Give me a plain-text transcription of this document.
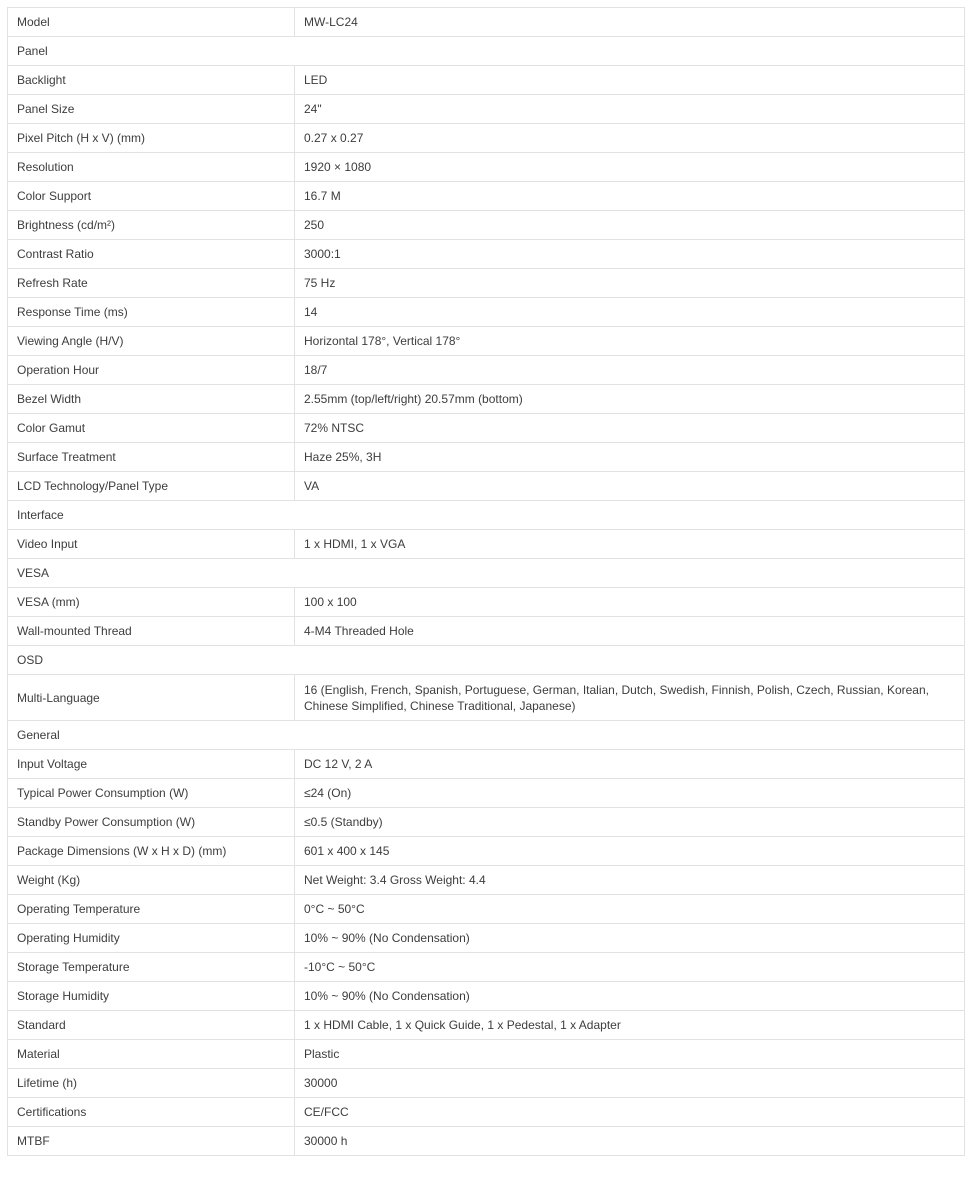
Model	MW-LC24
Panel	
Backlight	LED
Panel Size	24"
Pixel Pitch (H x V) (mm)	0.27 x 0.27
Resolution	1920 × 1080
Color Support	16.7 M
Brightness (cd/m²)	250
Contrast Ratio	3000:1
Refresh Rate	75 Hz
Response Time (ms)	14
Viewing Angle (H/V)	Horizontal 178°, Vertical 178°
Operation Hour	18/7
Bezel Width	2.55mm (top/left/right) 20.57mm (bottom)
Color Gamut	72% NTSC
Surface Treatment	Haze 25%, 3H
LCD Technology/Panel Type	VA
Interface	
Video Input	1 x HDMI, 1 x VGA
VESA	
VESA (mm)	100 x 100
Wall-mounted Thread	4-M4 Threaded Hole
OSD	
Multi-Language	16 (English, French, Spanish, Portuguese, German, Italian, Dutch, Swedish, Finnish, Polish, Czech, Russian, Korean, Chinese Simplified, Chinese Traditional, Japanese)
General	
Input Voltage	DC 12 V, 2 A
Typical Power Consumption (W)	≤24 (On)
Standby Power Consumption (W)	≤0.5 (Standby)
Package Dimensions (W x H x D) (mm)	601 x 400 x 145
Weight (Kg)	Net Weight: 3.4 Gross Weight: 4.4
Operating Temperature	0°C ~ 50°C
Operating Humidity	10% ~ 90% (No Condensation)
Storage Temperature	-10°C ~ 50°C
Storage Humidity	10% ~ 90% (No Condensation)
Standard	1 x HDMI Cable, 1 x Quick Guide, 1 x Pedestal, 1 x Adapter
Material	Plastic
Lifetime (h)	30000
Certifications	CE/FCC
MTBF	30000 h
